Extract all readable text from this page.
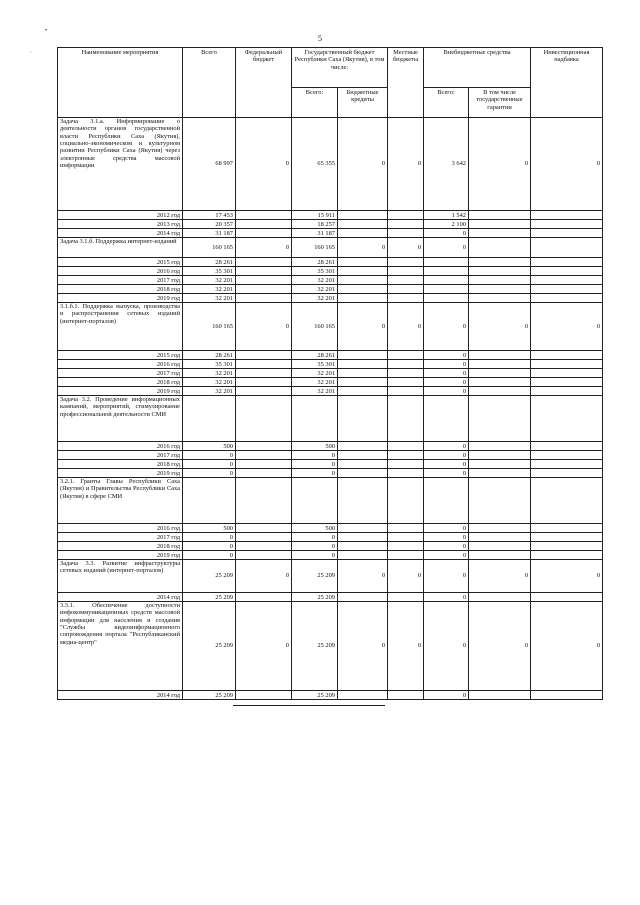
5
•
·	Наименование мероприятия	Всего	Федеральный бюджет	Государственный бюджет Республики Саха (Якутия), в том числе:		Местные бюджеты	Внебюджетные средства		Инвестиционная надбавка
			Всего:	Бюджетные кредиты		Всего:	В том числе государственные гарантии	
Задача 3.1.а. Информирование о деятельности органов государственной власти Республики Саха (Якутия), социально-экономическом и культурном развитии Республики Саха (Якутия) через электронные средства массовой информации	68 997	0	65 355	0	0	3 642	0	0
2012 год	17 453		15 911			1 542		
2013 год	20 357		18 257			2 100		
2014 год	31 187		31 187			0		
Задача 3.1.б. Поддержка интернет-изданий	160 165	0	160 165	0	0	0		
2015 год	28 261		28 261					
2016 год	35 301		35 301					
2017 год	32 201		32 201					
2018 год	32 201		32 201					
2019 год	32 201		32 201					
3.1.б.1. Поддержка выпуска, производства и распространения сетевых изданий (интернет-порталов)	160 165	0	160 165	0	0	0	0	0
2015 год	28 261		28 261			0		
2016 год	35 301		35 301			0		
2017 год	32 201		32 201			0		
2018 год	32 201		32 201			0		
2019 год	32 201		32 201			0		
Задача 3.2. Проведение информационных кампаний, мероприятий, стимулирование профессиональной деятельности СМИ								
2016 год	500		500			0		
2017 год	0		0			0		
2018 год	0		0			0		
2019 год	0		0			0		
3.2.1. Гранты Главы Республики Саха (Якутия) и Правительства Республики Саха (Якутия) в сфере СМИ								
2016 год	500		500			0		
2017 год	0		0			0		
2018 год	0		0			0		
2019 год	0		0			0		
Задача 3.3. Развитие инфраструктуры сетевых изданий (интернет-порталов)	25 209	0	25 209	0	0	0	0	0
2014 год	25 209		25 209			0		
3.3.1. Обеспечение доступности инфокоммуникационных средств массовой информации для населения и создания "Службы видеоинформационного сопровождения портала "Республиканский медиа-центр"	25 209	0	25 209	0	0	0	0	0
2014 год	25 209		25 209			0		
